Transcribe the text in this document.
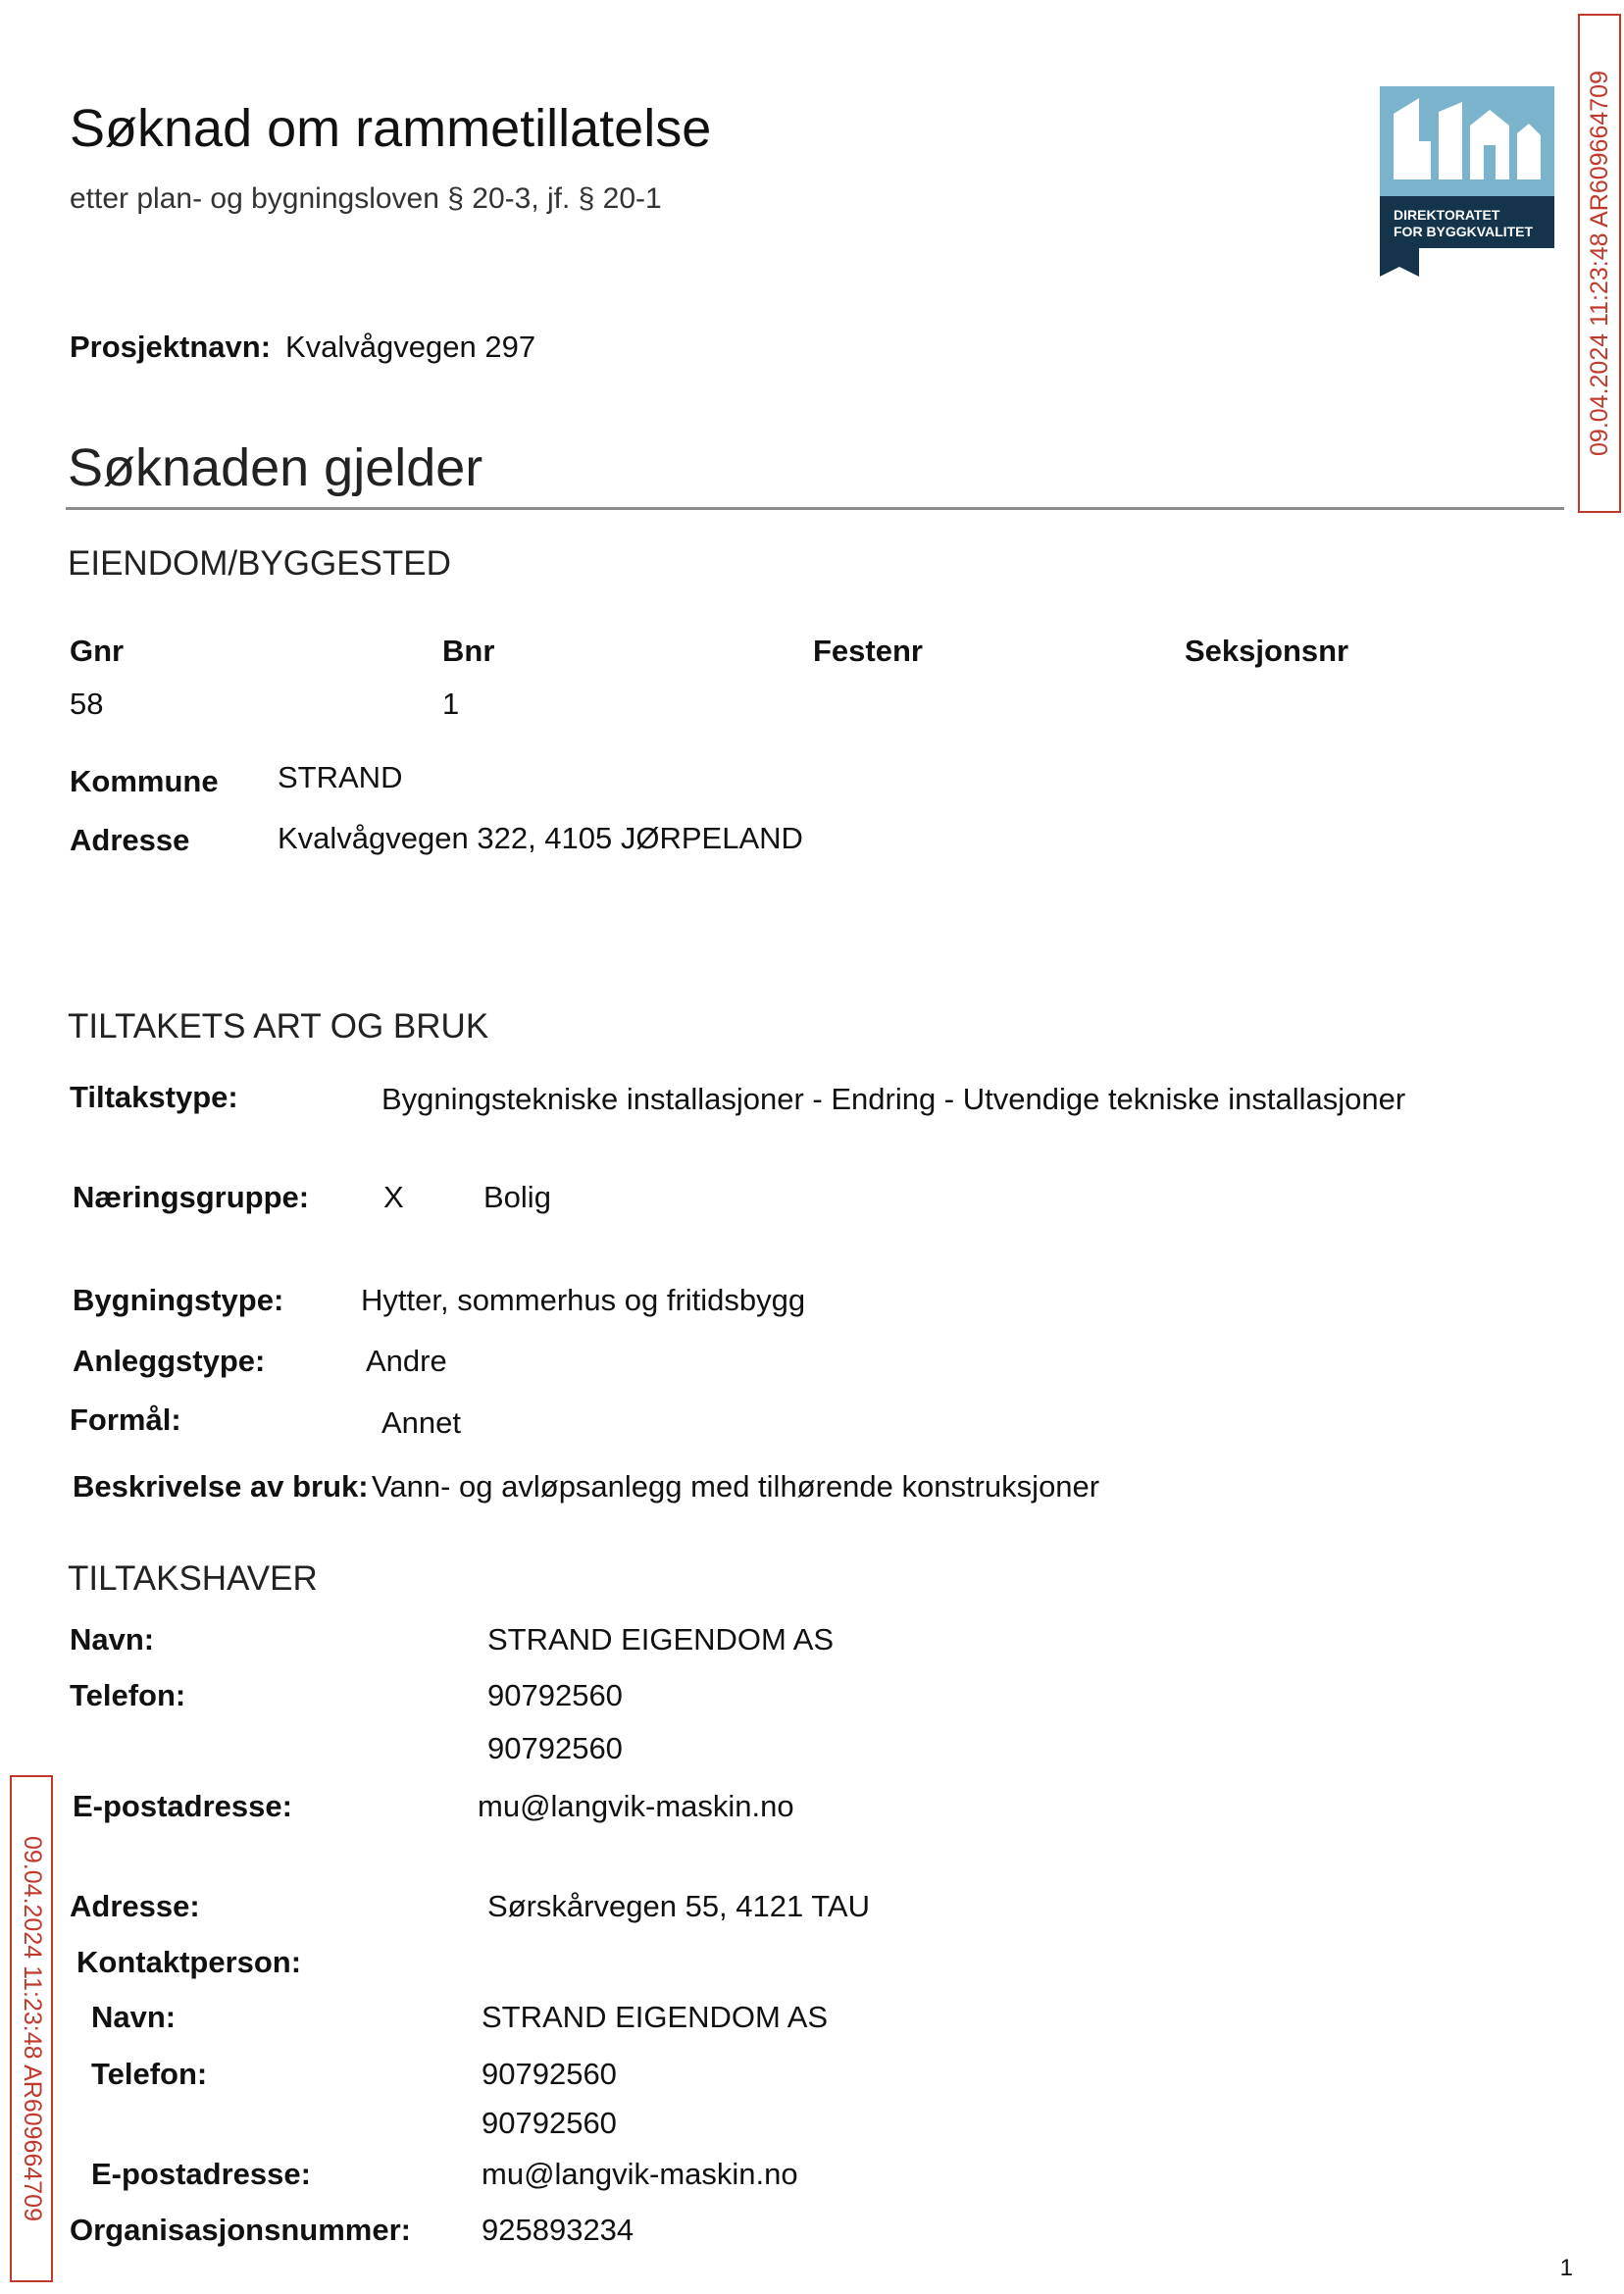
Søknad om rammetillatelse
etter plan- og bygningsloven § 20-3, jf. § 20-1	DIREKTORATET
FOR BYGGKVALITET 09.04.2024 11:23:48 AR609664709
09.04.2024 11:23:48 AR609664709
Prosjektnavn: Kvalvågvegen 297
Søknaden gjelder
EIENDOM/BYGGESTED
Gnr	Bnr	Festenr	Seksjonsnr
58	1
Kommune STRAND
Adresse	Kvalvågvegen 322, 4105 JØRPELAND
TILTAKETS ART OG BRUK
Tiltakstype:	Bygningstekniske installasjoner - Endring - Utvendige tekniske installasjoner
Næringsgruppe: X	Bolig
Bygningstype:	Hytter, sommerhus og fritidsbygg
Anleggstype:	Andre
Formål:	Annet
Beskrivelse av bruk: Vann- og avløpsanlegg med tilhørende konstruksjoner
TILTAKSHAVER
Navn:	STRAND EIGENDOM AS
Telefon:	90792560
90792560
E-postadresse:	mu@langvik-maskin.no
Adresse:	Sørskårvegen 55, 4121 TAU
Kontaktperson:
Navn:	STRAND EIGENDOM AS
Telefon:	90792560
90792560
E-postadresse:	mu@langvik-maskin.no
Organisasjonsnummer: 925893234
1
